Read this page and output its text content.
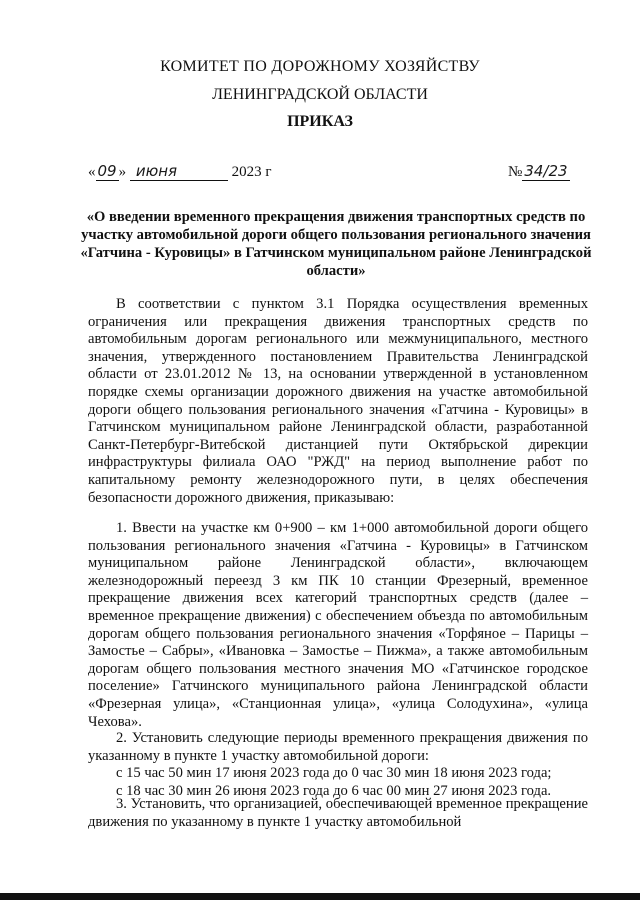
КОМИТЕТ ПО ДОРОЖНОМУ ХОЗЯЙСТВУ
ЛЕНИНГРАДСКОЙ ОБЛАСТИ
ПРИКАЗ
« 09 » июня	2023 г	№ 34/23
«О введении временного прекращения движения транспортных средств по участку автомобильной дороги общего пользования регионального значения «Гатчина - Куровицы» в Гатчинском муниципальном районе Ленинградской области»
В соответствии с пунктом 3.1 Порядка осуществления временных ограничения или прекращения движения транспортных средств по автомобильным дорогам регионального или межмуниципального, местного значения, утвержденного постановлением Правительства Ленинградской области от 23.01.2012 № 13, на основании утвержденной в установленном порядке схемы организации дорожного движения на участке автомобильной дороги общего пользования регионального значения «Гатчина - Куровицы» в Гатчинском муниципальном районе Ленинградской области, разработанной Санкт-Петербург-Витебской дистанцией пути Октябрьской дирекции инфраструктуры филиала ОАО "РЖД" на период выполнение работ по капитальному ремонту железнодорожного пути, в целях обеспечения безопасности дорожного движения, приказываю:
1. Ввести на участке км 0+900 – км 1+000 автомобильной дороги общего пользования регионального значения «Гатчина - Куровицы» в Гатчинском муниципальном районе Ленинградской области», включающем железнодорожный переезд 3 км ПК 10 станции Фрезерный, временное прекращение движения всех категорий транспортных средств (далее – временное прекращение движения) с обеспечением объезда по автомобильным дорогам общего пользования регионального значения «Торфяное – Парицы – Замостье – Сабры», «Ивановка – Замостье – Пижма», а также автомобильным дорогам общего пользования местного значения МО «Гатчинское городское поселение» Гатчинского муниципального района Ленинградской области «Фрезерная улица», «Станционная улица», «улица Солодухина», «улица Чехова».
2. Установить следующие периоды временного прекращения движения по указанному в пункте 1 участку автомобильной дороги:
с 15 час 50 мин 17 июня 2023 года до 0 час 30 мин 18 июня 2023 года;
с 18 час 30 мин 26 июня 2023 года до 6 час 00 мин 27 июня 2023 года.
3. Установить, что организацией, обеспечивающей временное прекращение движения по указанному в пункте 1 участку автомобильной
